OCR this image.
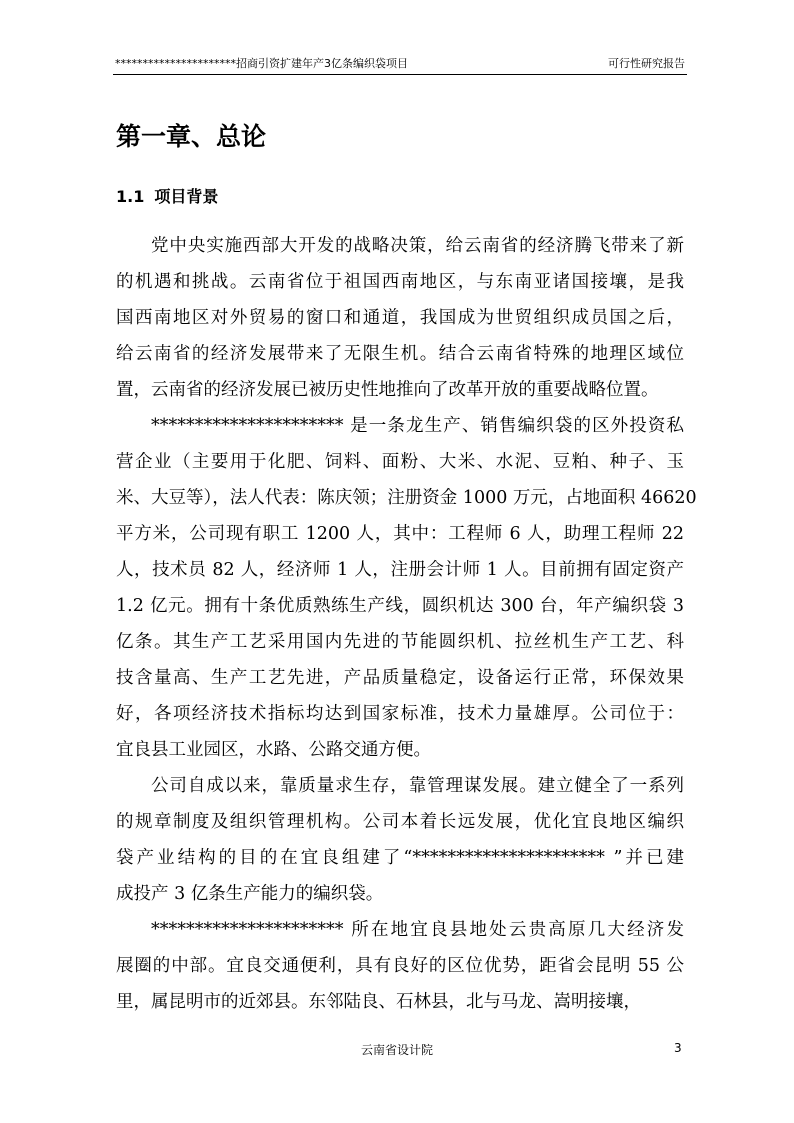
**********************招商引资扩建年产3亿条编织袋项目	可行性研究报告
第一章、总论
1.1 项目背景
党中央实施西部大开发的战略决策，给云南省的经济腾飞带来了新
的机遇和挑战。云南省位于祖国西南地区，与东南亚诸国接壤，是我
国西南地区对外贸易的窗口和通道，我国成为世贸组织成员国之后，
给云南省的经济发展带来了无限生机。结合云南省特殊的地理区域位
置，云南省的经济发展已被历史性地推向了改革开放的重要战略位置。
********************** 是一条龙生产、销售编织袋的区外投资私
营企业（主要用于化肥、饲料、面粉、大米、水泥、豆粕、种子、玉
米、大豆等），法人代表：陈庆领；注册资金 1000 万元，占地面积 46620
平方米，公司现有职工 1200 人，其中：工程师 6 人，助理工程师 22
人，技术员 82 人，经济师 1 人，注册会计师 1 人。目前拥有固定资产
1.2 亿元。拥有十条优质熟练生产线，圆织机达 300 台，年产编织袋 3
亿条。其生产工艺采用国内先进的节能圆织机、拉丝机生产工艺、科
技含量高、生产工艺先进，产品质量稳定，设备运行正常，环保效果
好，各项经济技术指标均达到国家标准，技术力量雄厚。公司位于：
宜良县工业园区，水路、公路交通方便。
公司自成以来，靠质量求生存，靠管理谋发展。建立健全了一系列
的规章制度及组织管理机构。公司本着长远发展，优化宜良地区编织
袋产业结构的目的在宜良组建了“********************** ”并已建
成投产 3 亿条生产能力的编织袋。
********************** 所在地宜良县地处云贵高原几大经济发
展圈的中部。宜良交通便利，具有良好的区位优势，距省会昆明 55 公
里，属昆明市的近郊县。东邻陆良、石林县，北与马龙、嵩明接壤，
云南省设计院	3
